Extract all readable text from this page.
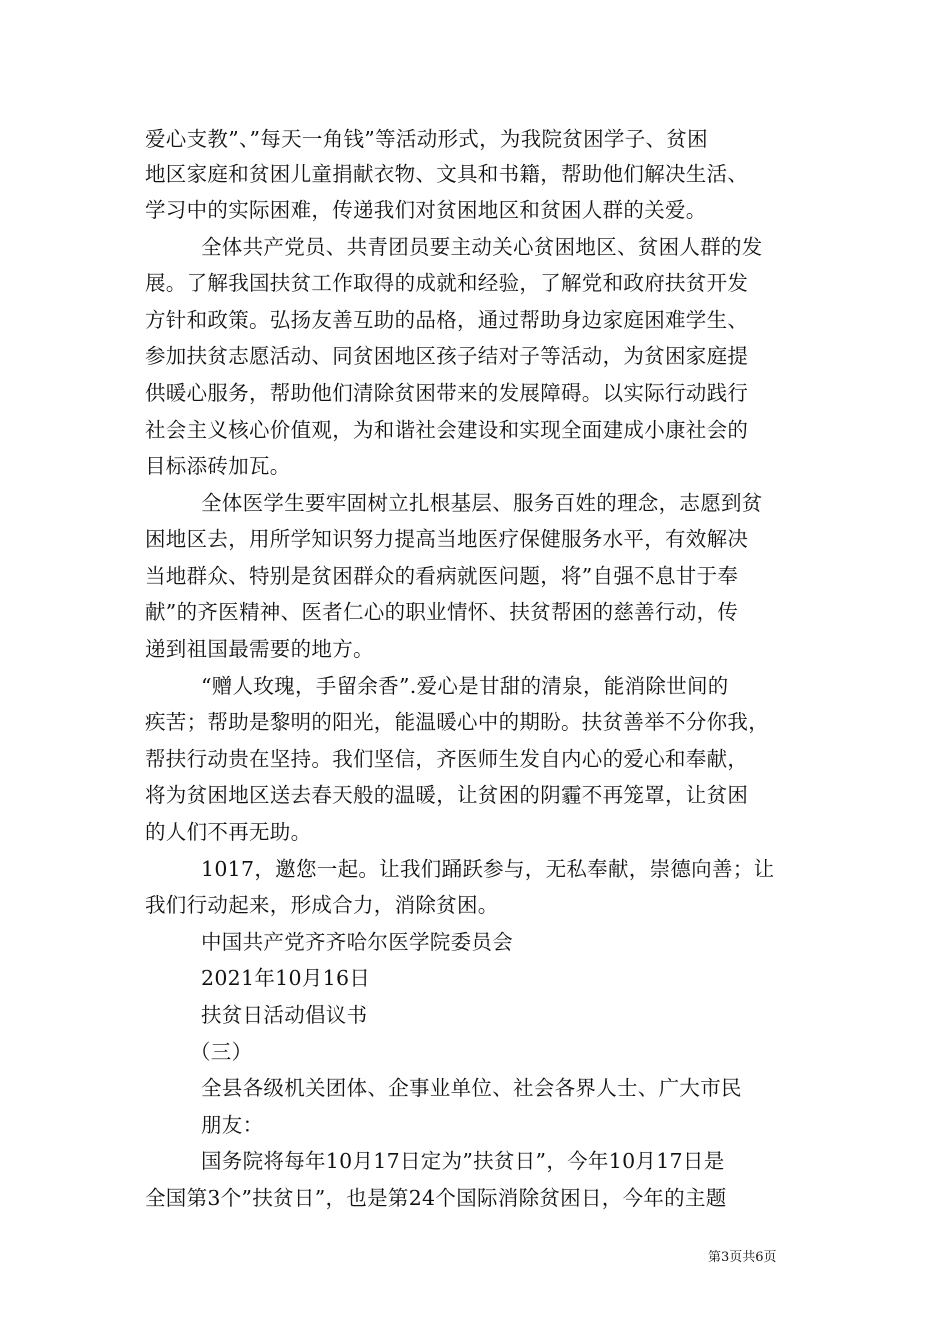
爱心支教”、”每天一角钱”等活动形式，为我院贫困学子、贫困
地区家庭和贫困儿童捐献衣物、文具和书籍，帮助他们解决生活、
学习中的实际困难，传递我们对贫困地区和贫困人群的关爱。
全体共产党员、共青团员要主动关心贫困地区、贫困人群的发
展。了解我国扶贫工作取得的成就和经验，了解党和政府扶贫开发
方针和政策。弘扬友善互助的品格，通过帮助身边家庭困难学生、
参加扶贫志愿活动、同贫困地区孩子结对子等活动，为贫困家庭提
供暖心服务，帮助他们清除贫困带来的发展障碍。以实际行动践行
社会主义核心价值观，为和谐社会建设和实现全面建成小康社会的
目标添砖加瓦。
全体医学生要牢固树立扎根基层、服务百姓的理念，志愿到贫
困地区去，用所学知识努力提高当地医疗保健服务水平，有效解决
当地群众、特别是贫困群众的看病就医问题，将”自强不息甘于奉
献”的齐医精神、医者仁心的职业情怀、扶贫帮困的慈善行动，传
递到祖国最需要的地方。
“赠人玫瑰，手留余香”.爱心是甘甜的清泉，能消除世间的
疾苦；帮助是黎明的阳光，能温暖心中的期盼。扶贫善举不分你我，
帮扶行动贵在坚持。我们坚信，齐医师生发自内心的爱心和奉献，
将为贫困地区送去春天般的温暖，让贫困的阴霾不再笼罩，让贫困
的人们不再无助。
1017，邀您一起。让我们踊跃参与，无私奉献，崇德向善；让
我们行动起来，形成合力，消除贫困。
中国共产党齐齐哈尔医学院委员会
2021年10月16日
扶贫日活动倡议书
（三）
全县各级机关团体、企事业单位、社会各界人士、广大市民
朋友：
国务院将每年10月17日定为”扶贫日”，今年10月17日是
全国第3个”扶贫日”，也是第24个国际消除贫困日，今年的主题
第3页共6页
